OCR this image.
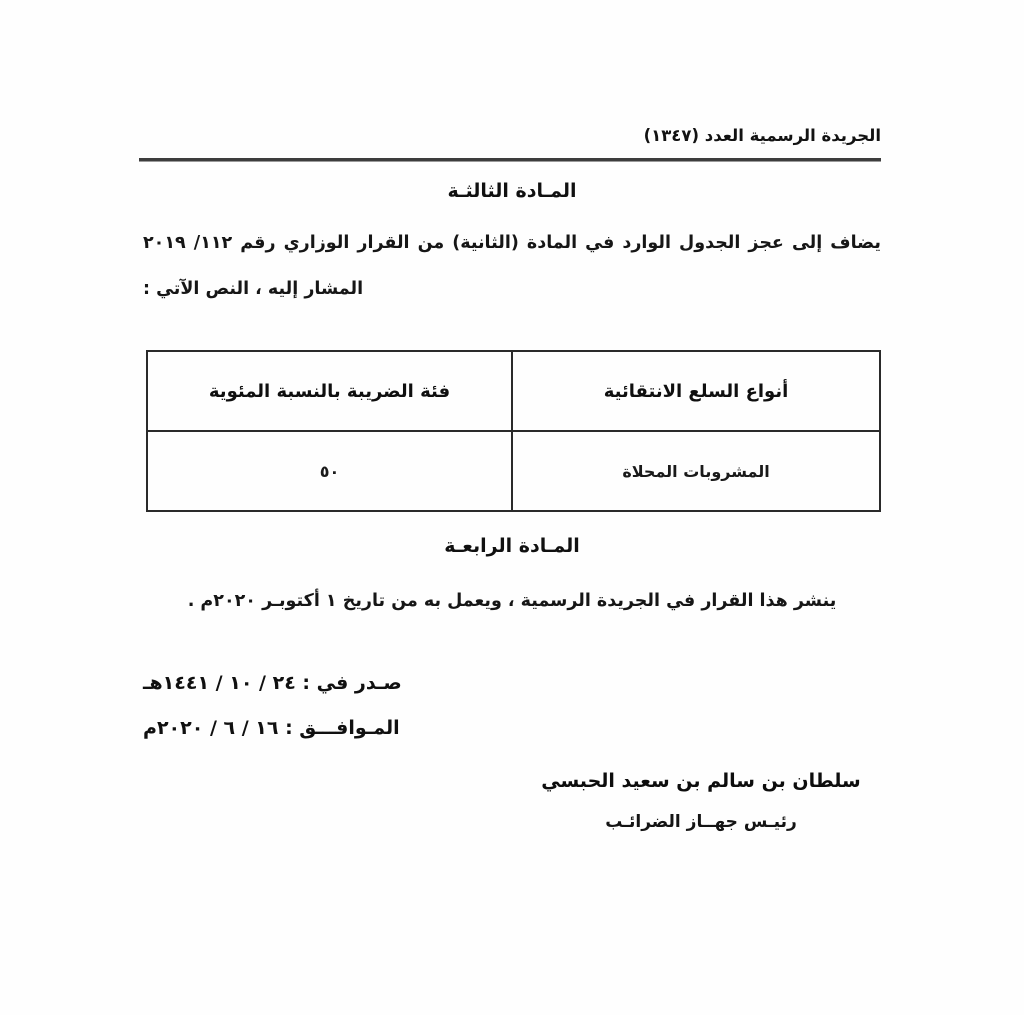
الجريدة الرسمية العدد (١٣٤٧)
المـادة الثالثـة
يضاف إلى عجز الجدول الوارد في المادة (الثانية) من القرار الوزاري رقم ١١٢/ ٢٠١٩
المشار إليه ، النص الآتي :
أنواع السلع الانتقائية	فئة الضريبة بالنسبة المئوية
المشروبات المحلاة	٥٠
المـادة الرابعـة
ينشر هذا القرار في الجريدة الرسمية ، ويعمل به من تاريخ ١ أكتوبـر ٢٠٢٠م .
صـدر في : ٢٤ / ١٠ / ١٤٤١هـ
المـوافـــق : ١٦ / ٦ / ٢٠٢٠م
سلطان بن سالم بن سعيد الحبسي
رئيـس جهــاز الضرائـب
